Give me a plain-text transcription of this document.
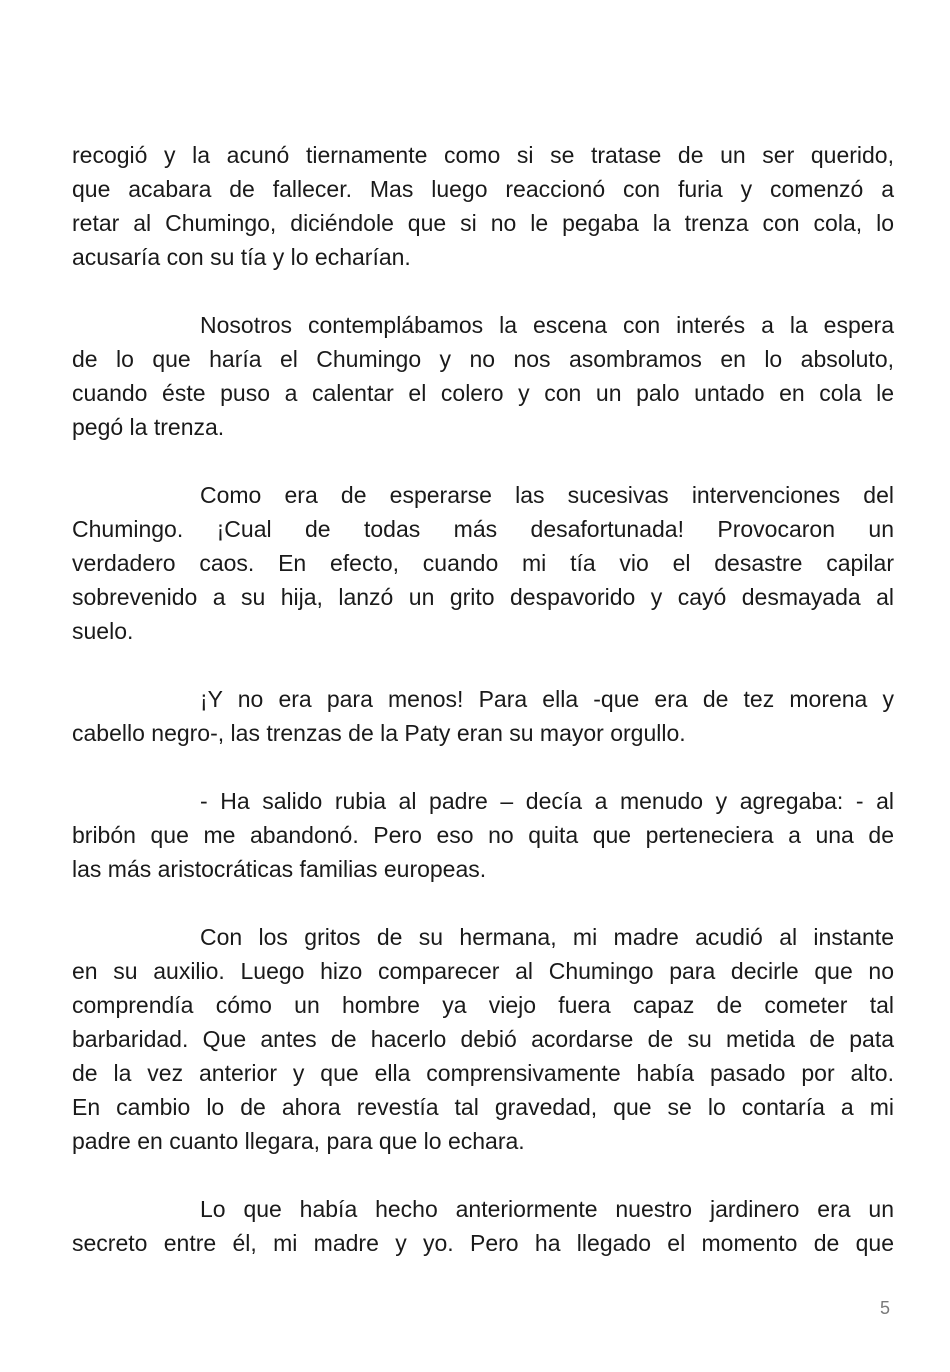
recogió y la acunó tiernamente como si se tratase de un ser querido,
que acabara de fallecer. Mas luego reaccionó con furia y comenzó a
retar al Chumingo, diciéndole que si no le pegaba la trenza con cola, lo
acusaría con su tía y lo echarían.
Nosotros contemplábamos la escena con interés a la espera
de lo que haría el Chumingo y no nos asombramos en lo absoluto,
cuando éste puso a calentar el colero y con un palo untado en cola le
pegó la trenza.
Como era de esperarse las sucesivas intervenciones del
Chumingo. ¡Cual de todas más desafortunada! Provocaron un
verdadero caos. En efecto, cuando mi tía vio el desastre capilar
sobrevenido a su hija, lanzó un grito despavorido y cayó desmayada al
suelo.
¡Y no era para menos! Para ella -que era de tez morena y
cabello negro-, las trenzas de la Paty eran su mayor orgullo.
- Ha salido rubia al padre – decía a menudo y agregaba: - al
bribón que me abandonó. Pero eso no quita que perteneciera a una de
las más aristocráticas familias europeas.
Con los gritos de su hermana, mi madre acudió al instante
en su auxilio. Luego hizo comparecer al Chumingo para decirle que no
comprendía cómo un hombre ya viejo fuera capaz de cometer tal
barbaridad. Que antes de hacerlo debió acordarse de su metida de pata
de la vez anterior y que ella comprensivamente había pasado por alto.
En cambio lo de ahora revestía tal gravedad, que se lo contaría a mi
padre en cuanto llegara, para que lo echara.
Lo que había hecho anteriormente nuestro jardinero era un
secreto entre él, mi madre y yo. Pero ha llegado el momento de que
5
